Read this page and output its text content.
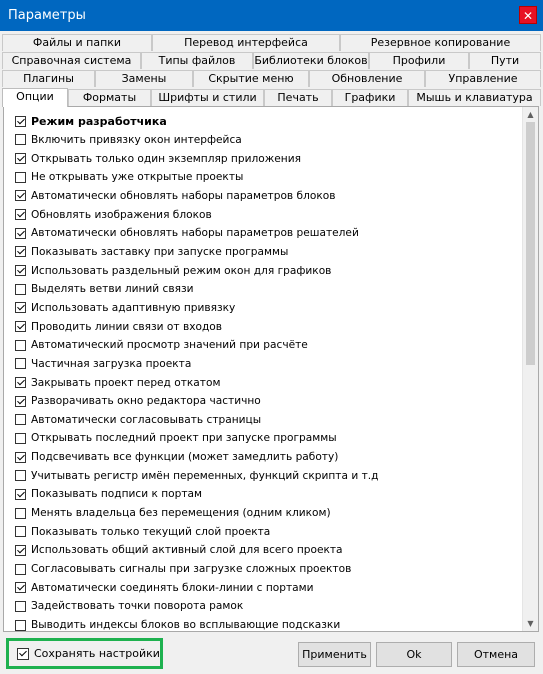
Параметры	✕
Файлы и папки	Перевод интерфейса	Резервное копирование
Справочная система	Типы файлов	Библиотеки блоков	Профили	Пути
Плагины	Замены	Скрытие меню	Обновление	Управление
Опции	Форматы	Шрифты и стили	Печать	Графики	Мышь и клавиатура
Режим разработчика
Включить привязку окон интерфейса
Открывать только один экземпляр приложения
Не открывать уже открытые проекты
Автоматически обновлять наборы параметров блоков
Обновлять изображения блоков
Автоматически обновлять наборы параметров решателей
Показывать заставку при запуске программы
Использовать раздельный режим окон для графиков
Выделять ветви линий связи
Использовать адаптивную привязку
Проводить линии связи от входов
Автоматический просмотр значений при расчёте
Частичная загрузка проекта
Закрывать проект перед откатом
Разворачивать окно редактора частично
Автоматически согласовывать страницы
Открывать последний проект при запуске программы
Подсвечивать все функции (может замедлить работу)
Учитывать регистр имён переменных, функций скрипта и т.д
Показывать подписи к портам
Менять владельца без перемещения (одним кликом)
Показывать только текущий слой проекта
Использовать общий активный слой для всего проекта
Согласовывать сигналы при загрузке сложных проектов
Автоматически соединять блоки-линии с портами
Задействовать точки поворота рамок
Выводить индексы блоков во всплывающие подсказки
▲
▼
Сохранять настройки	Применить	Ok	Отмена
